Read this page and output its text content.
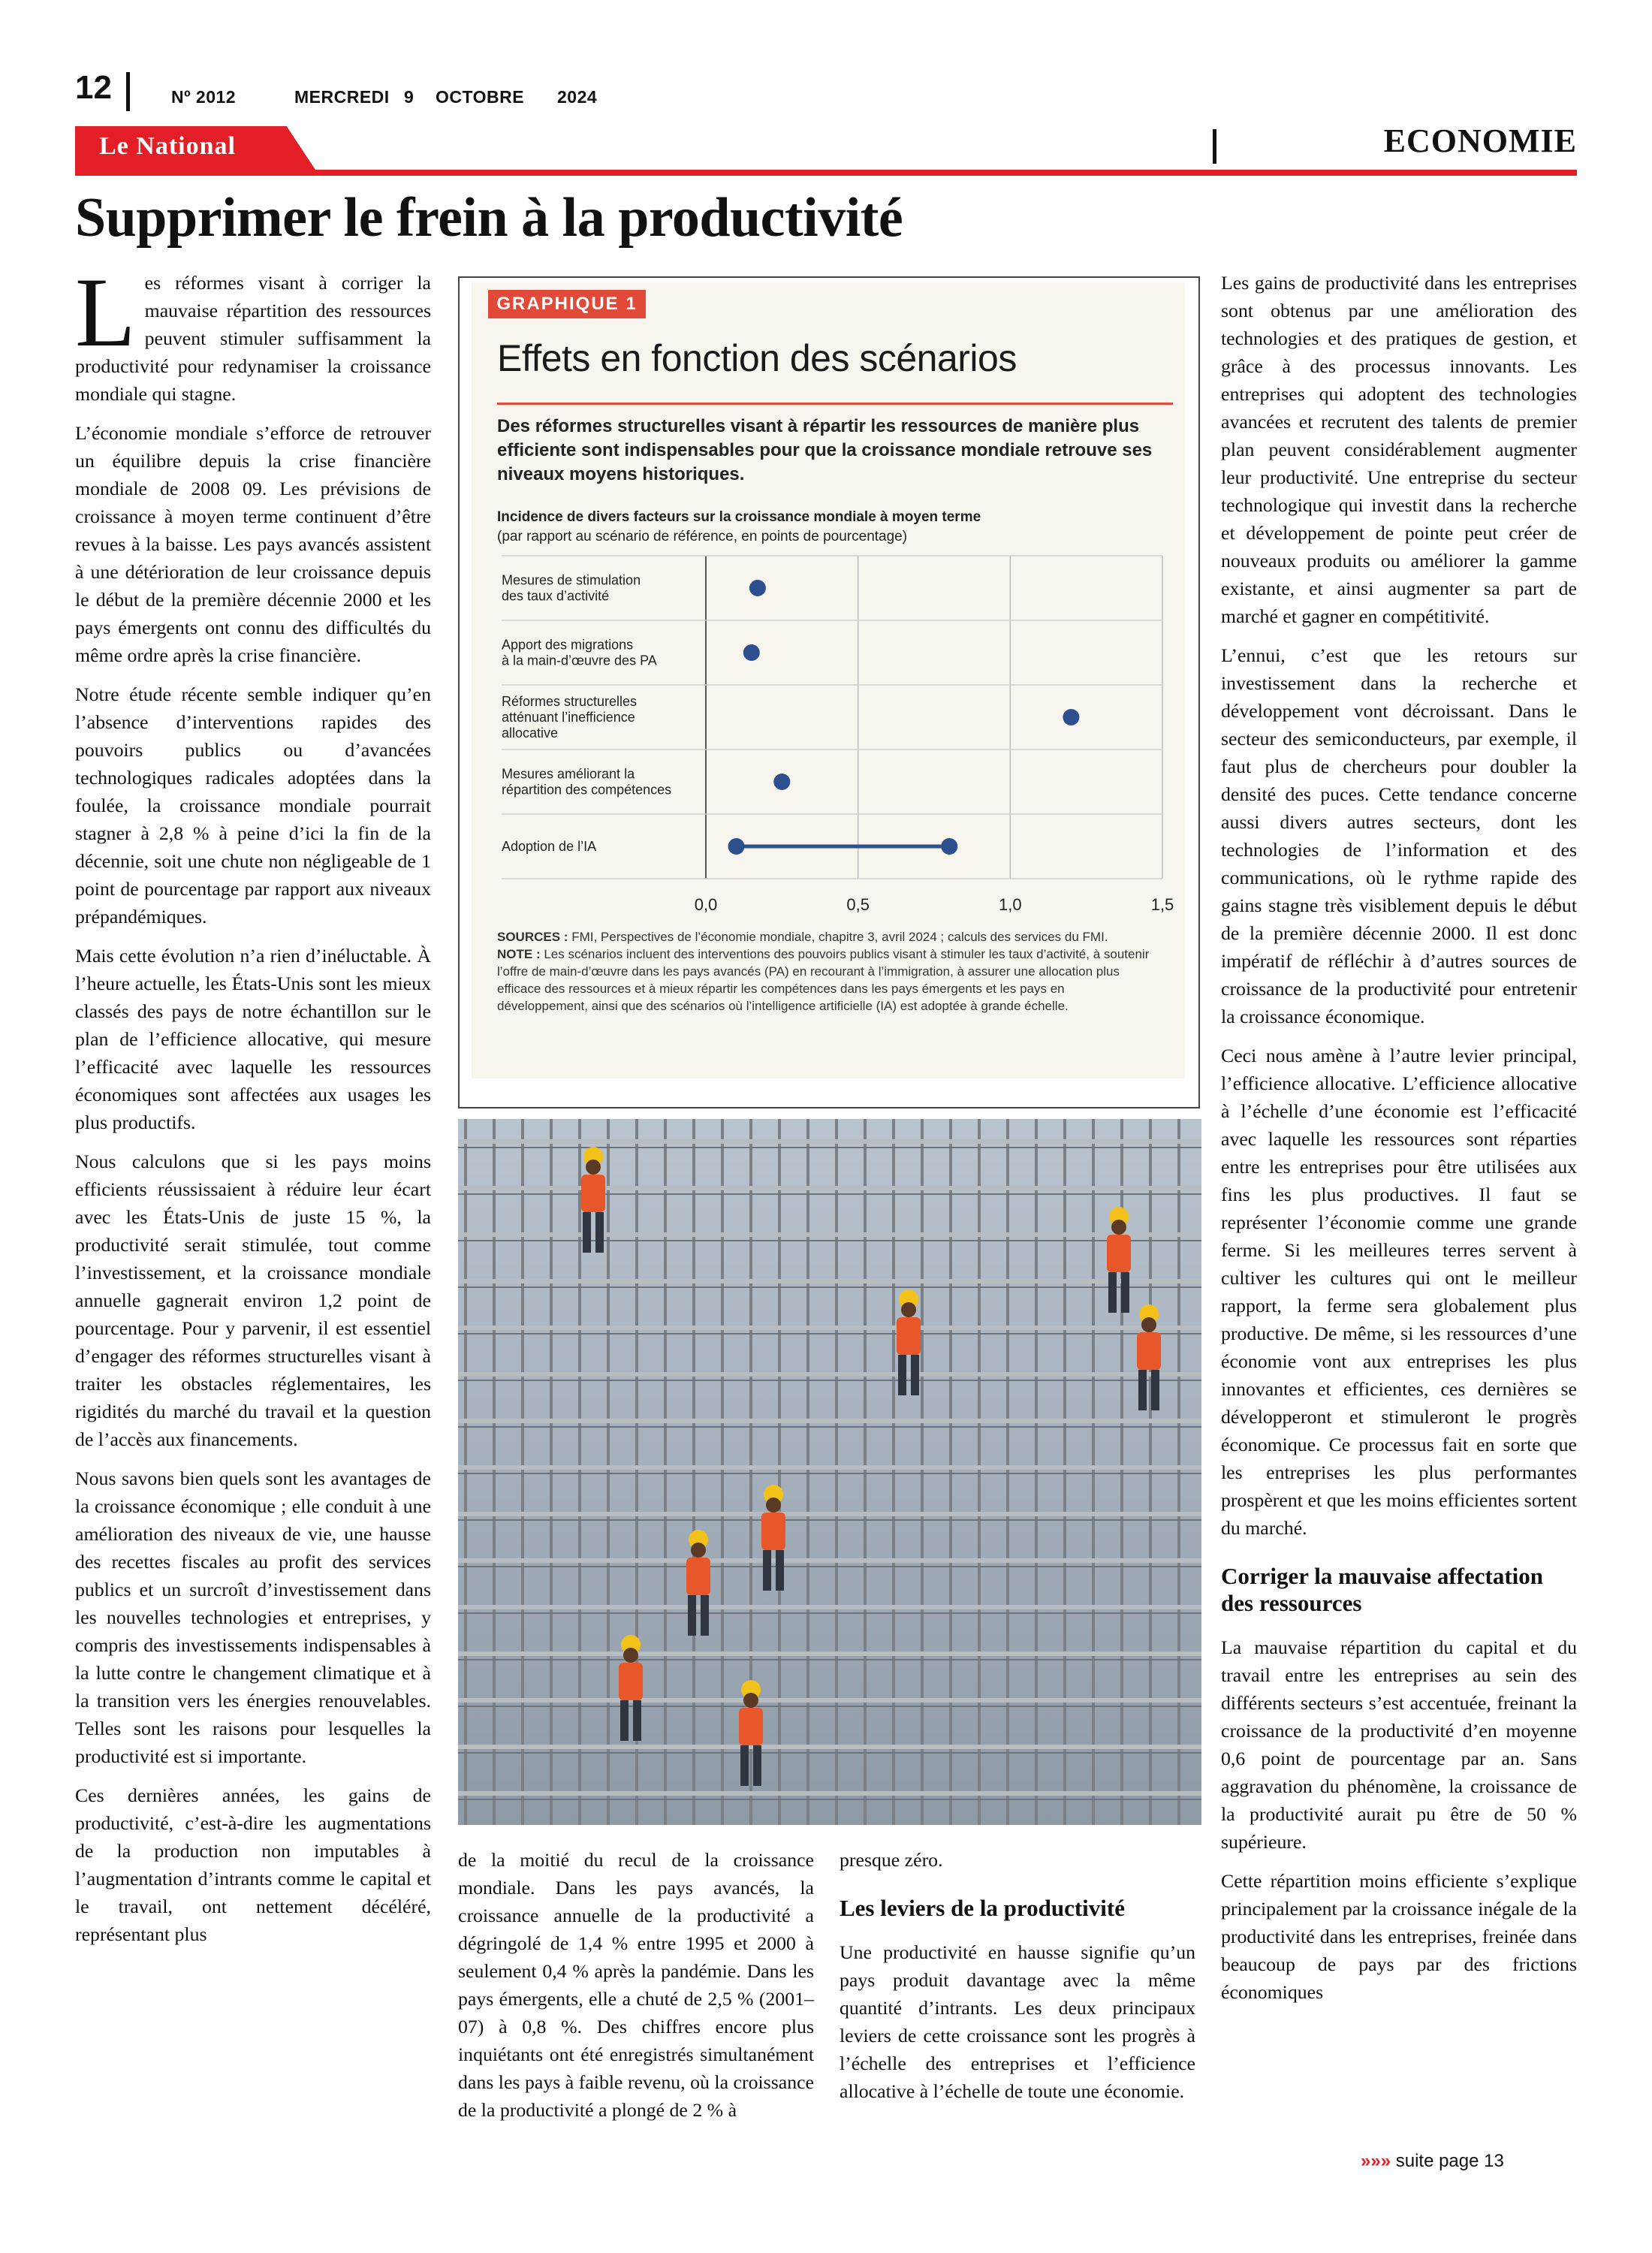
12	Nº 2012	MERCREDI 9 OCTOBRE 2024
Le National	ECONOMIE
Supprimer le frein à la productivité

Les réformes visant à corriger la mauvaise répartition des ressources peuvent stimuler suffisamment la productivité pour redynamiser la croissance mondiale qui stagne.

L’économie mondiale s’efforce de retrouver un équilibre depuis la crise financière mondiale de 2008 09. Les prévisions de croissance à moyen terme continuent d’être revues à la baisse. Les pays avancés assistent à une détérioration de leur croissance depuis le début de la première décennie 2000 et les pays émergents ont connu des difficultés du même ordre après la crise financière.

Notre étude récente semble indiquer qu’en l’absence d’interventions rapides des pouvoirs publics ou d’avancées technologiques radicales adoptées dans la foulée, la croissance mondiale pourrait stagner à 2,8 % à peine d’ici la fin de la décennie, soit une chute non négligeable de 1 point de pourcentage par rapport aux niveaux prépandémiques.

Mais cette évolution n’a rien d’inéluctable. À l’heure actuelle, les États-Unis sont les mieux classés des pays de notre échantillon sur le plan de l’efficience allocative, qui mesure l’efficacité avec laquelle les ressources économiques sont affectées aux usages les plus productifs.

Nous calculons que si les pays moins efficients réussissaient à réduire leur écart avec les États-Unis de juste 15 %, la productivité serait stimulée, tout comme l’investissement, et la croissance mondiale annuelle gagnerait environ 1,2 point de pourcentage. Pour y parvenir, il est essentiel d’engager des réformes structurelles visant à traiter les obstacles réglementaires, les rigidités du marché du travail et la question de l’accès aux financements.

Nous savons bien quels sont les avantages de la croissance économique ; elle conduit à une amélioration des niveaux de vie, une hausse des recettes fiscales au profit des services publics et un surcroît d’investissement dans les nouvelles technologies et entreprises, y compris des investissements indispensables à la lutte contre le changement climatique et à la transition vers les énergies renouvelables. Telles sont les raisons pour lesquelles la productivité est si importante.

Ces dernières années, les gains de productivité, c’est-à-dire les augmentations de la production non imputables à l’augmentation d’intrants comme le capital et le travail, ont nettement décéléré, représentant plus

GRAPHIQUE 1
Effets en fonction des scénarios
Des réformes structurelles visant à répartir les ressources de manière plus efficiente sont indispensables pour que la croissance mondiale retrouve ses niveaux moyens historiques.
Incidence de divers facteurs sur la croissance mondiale à moyen terme
(par rapport au scénario de référence, en points de pourcentage)
Mesures de stimulation
des taux d’activité
Apport des migrations
à la main-d’œuvre des PA
Réformes structurelles
atténuant l’inefficience
allocative
Mesures améliorant la
répartition des compétences
Adoption de l’IA
0,0	0,5	1,0	1,5
SOURCES : FMI, Perspectives de l’économie mondiale, chapitre 3, avril 2024 ; calculs des services du FMI.
NOTE : Les scénarios incluent des interventions des pouvoirs publics visant à stimuler les taux d’activité, à soutenir l’offre de main-d’œuvre dans les pays avancés (PA) en recourant à l’immigration, à assurer une allocation plus efficace des ressources et à mieux répartir les compétences dans les pays émergents et les pays en développement, ainsi que des scénarios où l’intelligence artificielle (IA) est adoptée à grande échelle.

de la moitié du recul de la croissance mondiale. Dans les pays avancés, la croissance annuelle de la productivité a dégringolé de 1,4 % entre 1995 et 2000 à seulement 0,4 % après la pandémie. Dans les pays émergents, elle a chuté de 2,5 % (2001–07) à 0,8 %. Des chiffres encore plus inquiétants ont été enregistrés simultanément dans les pays à faible revenu, où la croissance de la productivité a plongé de 2 % à

presque zéro.

Les leviers de la productivité

Une productivité en hausse signifie qu’un pays produit davantage avec la même quantité d’intrants. Les deux principaux leviers de cette croissance sont les progrès à l’échelle des entreprises et l’efficience allocative à l’échelle de toute une économie.

Les gains de productivité dans les entreprises sont obtenus par une amélioration des technologies et des pratiques de gestion, et grâce à des processus innovants. Les entreprises qui adoptent des technologies avancées et recrutent des talents de premier plan peuvent considérablement augmenter leur productivité. Une entreprise du secteur technologique qui investit dans la recherche et développement de pointe peut créer de nouveaux produits ou améliorer la gamme existante, et ainsi augmenter sa part de marché et gagner en compétitivité.

L’ennui, c’est que les retours sur investissement dans la recherche et développement vont décroissant. Dans le secteur des semiconducteurs, par exemple, il faut plus de chercheurs pour doubler la densité des puces. Cette tendance concerne aussi divers autres secteurs, dont les technologies de l’information et des communications, où le rythme rapide des gains stagne très visiblement depuis le début de la première décennie 2000. Il est donc impératif de réfléchir à d’autres sources de croissance de la productivité pour entretenir la croissance économique.

Ceci nous amène à l’autre levier principal, l’efficience allocative. L’efficience allocative à l’échelle d’une économie est l’efficacité avec laquelle les ressources sont réparties entre les entreprises pour être utilisées aux fins les plus productives. Il faut se représenter l’économie comme une grande ferme. Si les meilleures terres servent à cultiver les cultures qui ont le meilleur rapport, la ferme sera globalement plus productive. De même, si les ressources d’une économie vont aux entreprises les plus innovantes et efficientes, ces dernières se développeront et stimuleront le progrès économique. Ce processus fait en sorte que les entreprises les plus performantes prospèrent et que les moins efficientes sortent du marché.

Corriger la mauvaise affectation des ressources

La mauvaise répartition du capital et du travail entre les entreprises au sein des différents secteurs s’est accentuée, freinant la croissance de la productivité d’en moyenne 0,6 point de pourcentage par an. Sans aggravation du phénomène, la croissance de la productivité aurait pu être de 50 % supérieure.

Cette répartition moins efficiente s’explique principalement par la croissance inégale de la productivité dans les entreprises, freinée dans beaucoup de pays par des frictions économiques

»»» suite page 13
